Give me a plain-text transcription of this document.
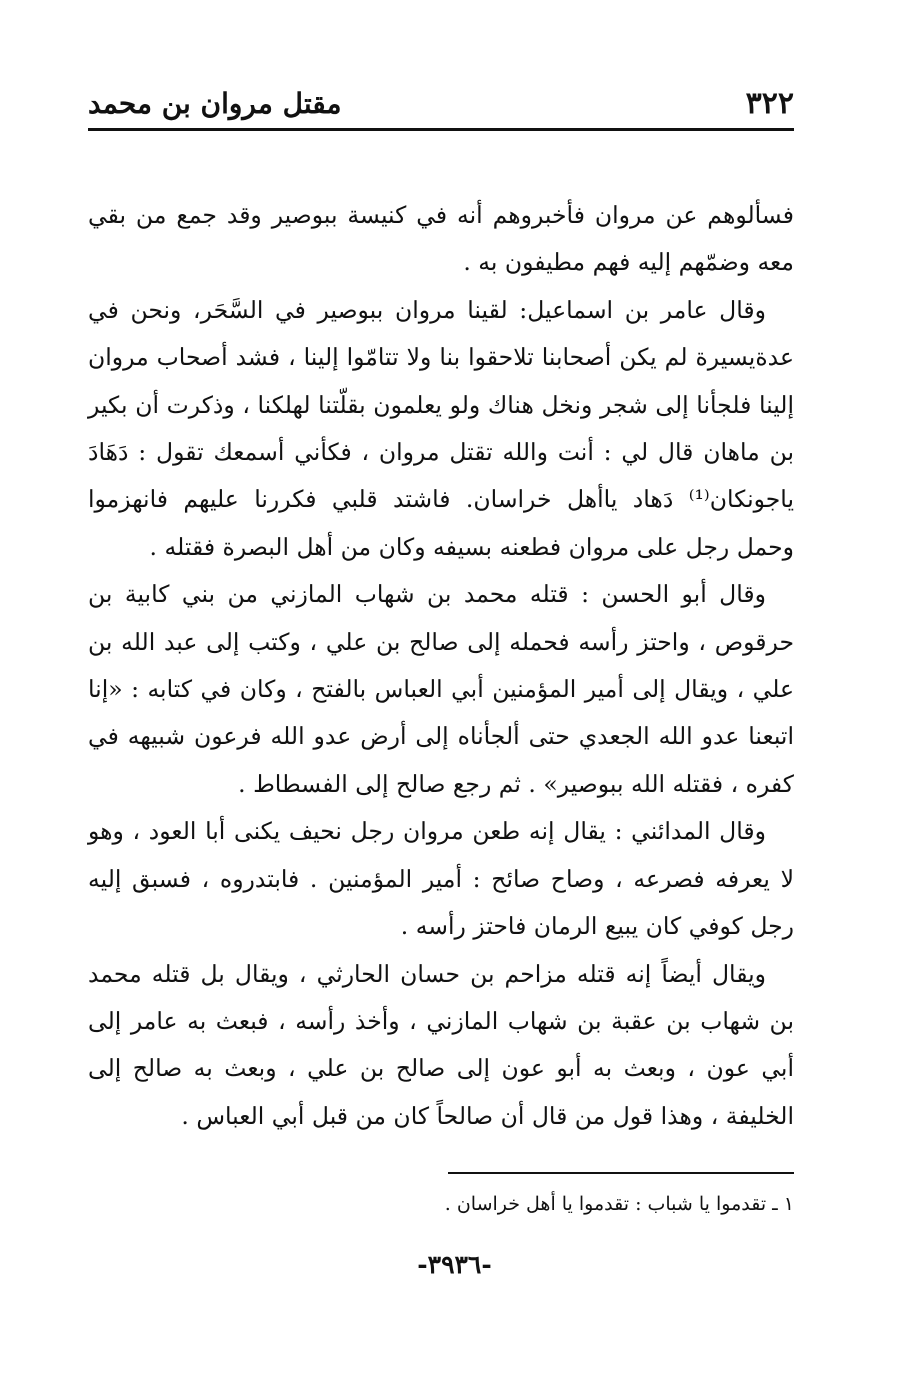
٣٢٢
مقتل مروان بن محمد

فسألوهم عن مروان فأخبروهم أنه في كنيسة ببوصير وقد جمع من بقي معه وضمّهم إليه فهم مطيفون به .

وقال عامر بن اسماعيل: لقينا مروان ببوصير في السَّحَر، ونحن في عدةيسيرة لم يكن أصحابنا تلاحقوا بنا ولا تتامّوا إلينا ، فشد أصحاب مروان إلينا فلجأنا إلى شجر ونخل هناك ولو يعلمون بقلّتنا لهلكنا ، وذكرت أن بكير بن ماهان قال لي : أنت والله تقتل مروان ، فكأني أسمعك تقول : دَهَادَ ياجونكان⁽¹⁾ دَهاد ياأهل خراسان. فاشتد قلبي فكررنا عليهم فانهزموا وحمل رجل على مروان فطعنه بسيفه وكان من أهل البصرة فقتله .

وقال أبو الحسن : قتله محمد بن شهاب المازني من بني كابية بن حرقوص ، واحتز رأسه فحمله إلى صالح بن علي ، وكتب إلى عبد الله بن علي ، ويقال إلى أمير المؤمنين أبي العباس بالفتح ، وكان في كتابه : «إنا اتبعنا عدو الله الجعدي حتى ألجأناه إلى أرض عدو الله فرعون شبيهه في كفره ، فقتله الله ببوصير» . ثم رجع صالح إلى الفسطاط .

وقال المدائني : يقال إنه طعن مروان رجل نحيف يكنى أبا العود ، وهو لا يعرفه فصرعه ، وصاح صائح : أمير المؤمنين . فابتدروه ، فسبق إليه رجل كوفي كان يبيع الرمان فاحتز رأسه .

ويقال أيضاً إنه قتله مزاحم بن حسان الحارثي ، ويقال بل قتله محمد بن شهاب بن عقبة بن شهاب المازني ، وأخذ رأسه ، فبعث به عامر إلى أبي عون ، وبعث به أبو عون إلى صالح بن علي ، وبعث به صالح إلى الخليفة ، وهذا قول من قال أن صالحاً كان من قبل أبي العباس .

١ ـ تقدموا يا شباب : تقدموا يا أهل خراسان .
-٣٩٣٦-
